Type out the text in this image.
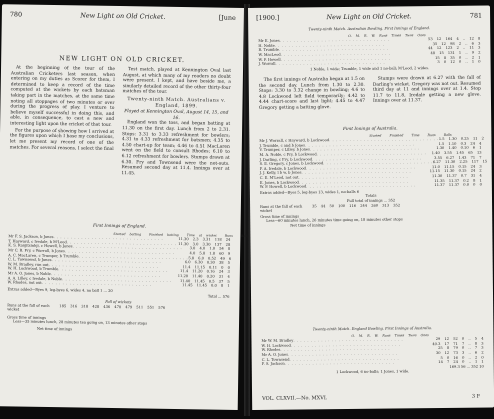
780	New Light on Old Cricket.	[June
NEW LIGHT ON OLD CRICKET.

At the beginning of the tour of the Australian Cricketers last season, when entering on my duties as Scorer for them, I determined to keep a record of the time computed at the wickets by each batsman taking part in the matches, at the same time noting all stoppages of two minutes or over during the progress of play. I venture to believe myself successful in doing this, and able, in consequence, to cast a new and interesting light upon the cricket of that tour.

For the purpose of showing how I arrived at the figures upon which I base my conclusions, let me present my record of one of the matches. For several reasons, I select the final

Test match, played at Kennington Oval last August, at which many of my readers no doubt were present. I kept, and have beside me, a similarly detailed record of the other thirty-four matches of the tour.

Twenty-ninth Match. Australians v. England, 1899.
Played at Kennington Oval, August 14, 15, and 16.

England won the toss, and began batting at 11.30 on the first day. Lunch from 2 to 2.31. Stops: 3.31 to 3.33 refreshment for bowlers; 4.31 to 4.33 refreshment for batsmen; 4.35 to 4.50 chart-up for team; 4.46 to 4.51 MacLaren went on the field to consult Rhodes; 6.10 to 6.12 refreshment for bowlers. Stumps drawn at 6.30. Fry and Townsend were the not-outs. Resumed second day at 11.4. Innings over at 11.45.

First Innings of England.
Started batting Finished batting Time at wicket Runs Balls
Mr F. S. Jackson, b Jones . . . . . . . . . . . . . . . . . . . . . . . . . . . . . . . .	11.30 2.3 3.31 118 24
T. Hayward, c Iredale, b M'Leod . . . . . . . . . . . . . . . . . . . . . . . . . . . . . . . . 11.30 3.0 3.30 137 28
K. S. Ranjitsinhji, c Howell, b Jones . . . . . . . . . . . . . . . . . . . . . . . . . . . . . . . .	3.0 4.0 1.0 54 8
Mr C. B. Fry, c Worrall, b Jones . . . . . . . . . . . . . . . . . . . . . . . . . . . . . . . .	4.0 5.8 1.8 60 9
A. C. MacLaren, c Trumper, b Trumble . . . . . . . . . . . . . . . . . . . . . . . . . . . . . . . . 5.8 6.0 0.52 49 6
C. L. Townsend, b Jones . . . . . . . . . . . . . . . . . . . . . . . . . . . . . . . .	6.0 6.30 0.30 38 5
W. M. Bradley, run out . . . . . . . . . . . . . . . . . . . . . . . . . . . . . . . .	11.4 11.15 0.11 0 0
W. H. Lockwood, b Trumble . . . . . . . . . . . . . . . . . . . . . . . . . . . . . . . .	11.4 11.20 0.16 24 3
Mr A. O. Jones, b Noble . . . . . . . . . . . . . . . . . . . . . . . . . . . . . . . .	11.20 11.40 0.20 31 4
A. A. Lilley, c Iredale, b Noble . . . . . . . . . . . . . . . . . . . . . . . . . . . . . . . .	11.40 11.45 0.5 37 5
W. Rhodes, not out . . . . . . . . . . . . . . . . . . . . . . . . . . . . . . . .	11.45 11.45 0.0 8 1
Extras added—Byes 9, leg-byes 6, wides 4, no ball 1 ... 20
Total ... 576
Fall of wickets
Runs at the fall of each wicket
185 316 318 428 436 470 479 511 551 576
Gross time of innings
Less—35 minutes lunch, 28 minutes tea going on, 13 minutes other stops
Net time of innings
[1900.]	New Light on Old Cricket.	781
Twenty-ninth Match. Australian Bowling. First Innings of England.
O. M. R. W. Runs Times Twos Ones
Mr E. Jones . . . . . . . . . . . . . . . . . . . . . . . . . . . . . . . .	53 12 164 4 .. 12 8
H. Noble . . . . . . . . . . . . . . . . . . . . . . . . . . . . . . . .	35 12 98 2 .. 6 3
R. Trumble . . . . . . . . . . . . . . . . . . . . . . . . . . . . . . . .	44 12 123 2 .. 11 3
W. MacLeod . . . . . . . . . . . . . . . . . . . . . . . . . . . . . . . .	48 15 131 1 .. 9 2
W. P. Howell . . . . . . . . . . . . . . . . . . . . . . . . . . . . . . . .	15 8 35 0 .. 2 1
J. Worrall . . . . . . . . . . . . . . . . . . . . . . . . . . . . . . . .	3 0 12 0 .. 1 0
1 Noble, 1 wide; Trumble, 1 wide and 1 no-ball; M'Leod, 2 wides.

The first innings of Australia began at 1.5 on the second day. Lunch from 1.30 to 2.30. Stops: 3.30 to 3.32 change in bowling; 4.6 to 4.8 Lockwood left field temporarily; 4.42 to 4.44 chart-score and last light; 4.45 to 4.47 Gregory getting a batting glove.

Stumps were drawn at 6.27 with the fall of Darling's wicket. Gregory was not out. Resumed third day at 11 and innings over at 1.4. Stop 11.7 to 11.8, Iredale getting a new glove. Innings over at 11.37.

First Innings of Australia.
Started Finished Time Runs Balls
Mr J. Worrall, c Hayward, b Lockwood . . . . . . . . . . . . . . . . . . . . . . . . . . . . . . . . 1.5 1.30 0.25 11 2
J. Trumble, c and b Jones . . . . . . . . . . . . . . . . . . . . . . . . . . . . . . . .	1.5 1.10 0.3 24 4
V. Trumper, c Lilley, b Jones . . . . . . . . . . . . . . . . . . . . . . . . . . . . . . . .	1.30 1.40 0.10 6 1
M. A. Noble, c Fry, b Lockwood . . . . . . . . . . . . . . . . . . . . . . . . . . . . . . . .	1.40 3.55 1.45 65 13
J. Darling, c Fry, b Lockwood . . . . . . . . . . . . . . . . . . . . . . . . . . . . . . . .	3.55 6.27 1.43 71 7
S. E. Gregory, c Jones, b Lockwood . . . . . . . . . . . . . . . . . . . . . . . . . . . . . . . . 6.27 11.30 2.25 117 15
F. A. Iredale, b Lockwood . . . . . . . . . . . . . . . . . . . . . . . . . . . . . . . .	11.0 11.15 0.15 24 3
J. J. Kelly, l b w, b Jones . . . . . . . . . . . . . . . . . . . . . . . . . . . . . . . .	11.15 11.30 0.15 24 2
C. E. M'Leod, not out . . . . . . . . . . . . . . . . . . . . . . . . . . . . . . . .	11.30 11.37 0.7 31 4
E. Jones, b Lockwood . . . . . . . . . . . . . . . . . . . . . . . . . . . . . . . .	11.35 11.37 0.2 8 1
W. P. Howell, b Lockwood . . . . . . . . . . . . . . . . . . . . . . . . . . . . . . . .	11.37 11.37 0.0 0 0
Extras added—Byes 5, leg-byes 13, wides 1, no-balls 6
Totals
Full total of innings ... 352
Runs at the fall of each wicket
35 44 50 100 116 244 260 313 352
Gross time of innings
Less—60 minutes lunch, 26 minutes time going on, 18 minutes other stops
Net time of innings
Twenty-ninth Match. England Bowling. First Innings of Australia.
O. M. R. W. Runs Times Twos Ones
Mr W. M. Bradley . . . . . . . . . . . . . . . . . . . . . . . . . . . . . . . .	29 12 52 0 .. 5 4
W. H. Lockwood . . . . . . . . . . . . . . . . . . . . . . . . . . . . . . . .	40.3 17 71 7 .. 8 3
W. Rhodes . . . . . . . . . . . . . . . . . . . . . . . . . . . . . . . .	25 8 79 0 .. 7 3
Mr A. O. Jones . . . . . . . . . . . . . . . . . . . . . . . . . . . . . . . .	30 12 73 3 .. 6 2
C. L. Townsend . . . . . . . . . . . . . . . . . . . . . . . . . . . . . . . .	5 0 16 0 .. 2 0
F. S. Jackson . . . . . . . . . . . . . . . . . . . . . . . . . . . . . . . .	14 7 24 0 .. 1 1
169.3 56 ... 352 10
1 Lockwood, 6 no-balls; 1 Jones, 1 wide.
VOL. CLXVII.—No. MXVI.	3 F
